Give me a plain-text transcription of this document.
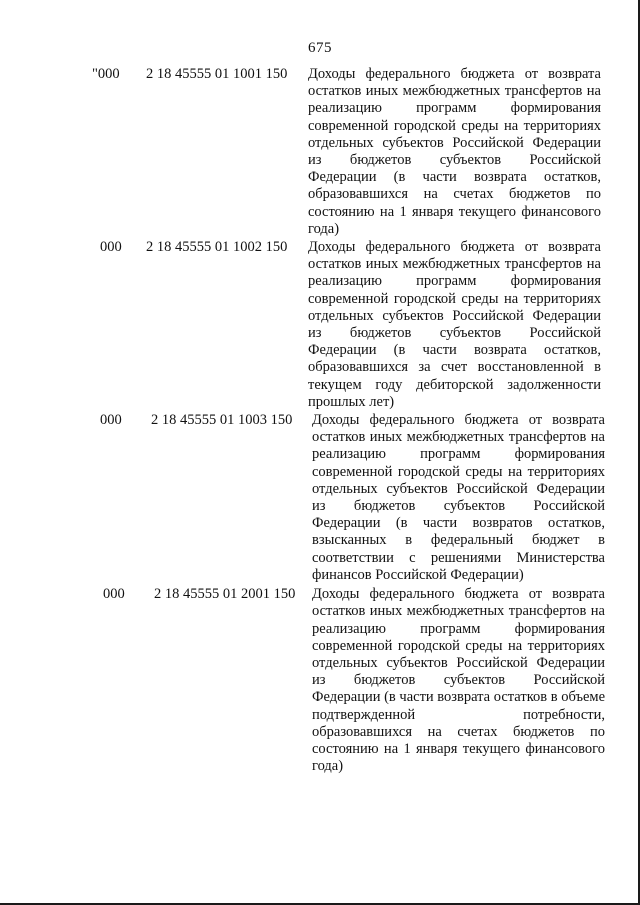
675
"000 2 18 45555 01 1001 150 Доходы федерального бюджета от возврата
остатков иных межбюджетных трансфертов на
реализацию программ формирования
современной городской среды на территориях
отдельных субъектов Российской Федерации
из бюджетов субъектов Российской
Федерации (в части возврата остатков,
образовавшихся на счетах бюджетов по
состоянию на 1 января текущего финансового
года)
000 2 18 45555 01 1002 150 Доходы федерального бюджета от возврата
остатков иных межбюджетных трансфертов на
реализацию программ формирования
современной городской среды на территориях
отдельных субъектов Российской Федерации
из бюджетов субъектов Российской
Федерации (в части возврата остатков,
образовавшихся за счет восстановленной в
текущем году дебиторской задолженности
прошлых лет)
000 2 18 45555 01 1003 150 Доходы федерального бюджета от возврата
остатков иных межбюджетных трансфертов на
реализацию программ формирования
современной городской среды на территориях
отдельных субъектов Российской Федерации
из бюджетов субъектов Российской
Федерации (в части возвратов остатков,
взысканных в федеральный бюджет в
соответствии с решениями Министерства
финансов Российской Федерации)
000 2 18 45555 01 2001 150 Доходы федерального бюджета от возврата
остатков иных межбюджетных трансфертов на
реализацию программ формирования
современной городской среды на территориях
отдельных субъектов Российской Федерации
из бюджетов субъектов Российской
Федерации (в части возврата остатков в объеме
подтвержденной потребности,
образовавшихся на счетах бюджетов по
состоянию на 1 января текущего финансового
года)
